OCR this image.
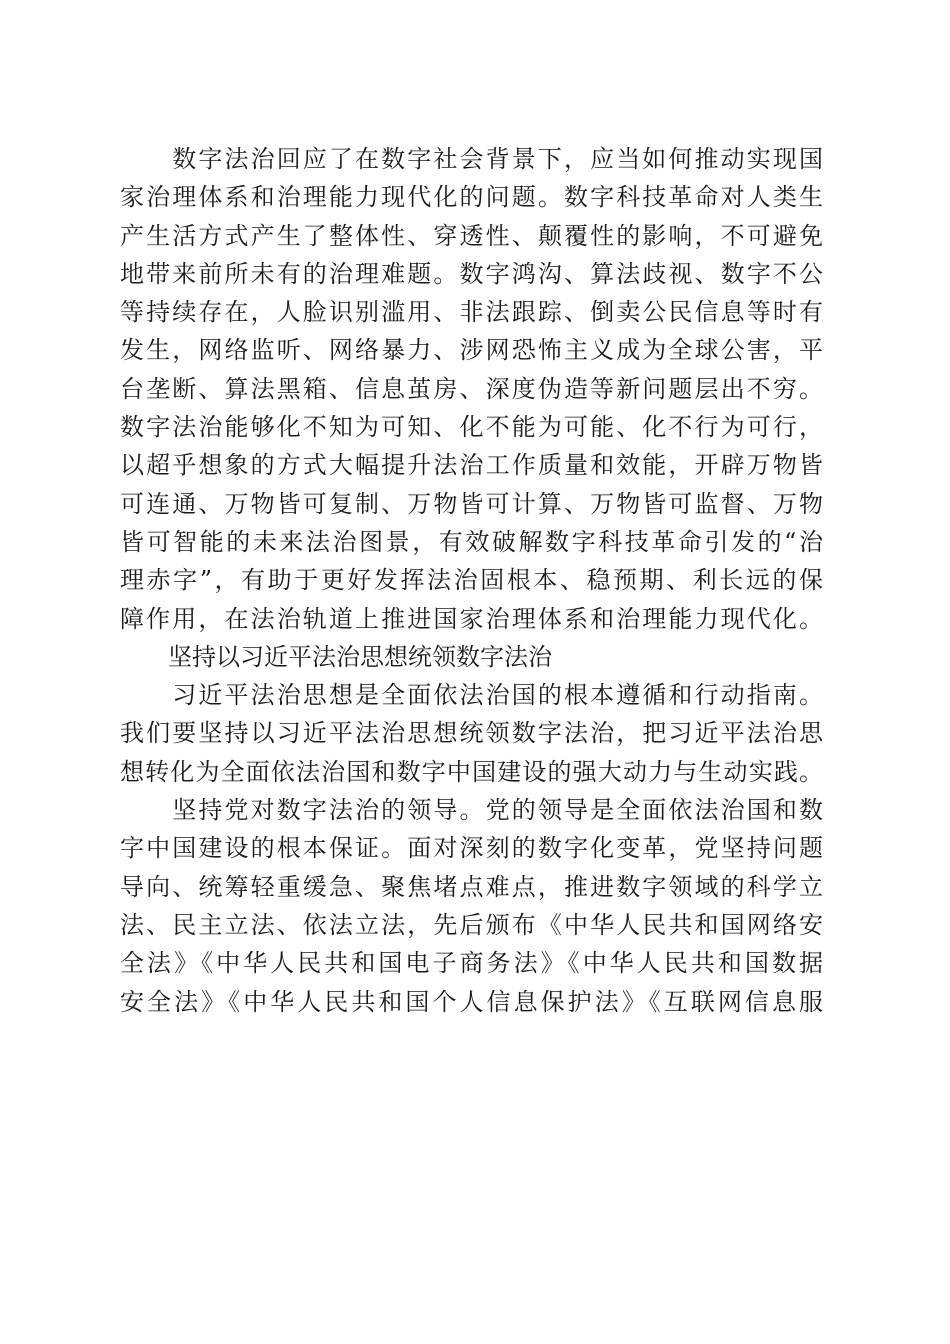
　　数字法治回应了在数字社会背景下，应当如何推动实现国
家治理体系和治理能力现代化的问题。数字科技革命对人类生
产生活方式产生了整体性、穿透性、颠覆性的影响，不可避免
地带来前所未有的治理难题。数字鸿沟、算法歧视、数字不公
等持续存在，人脸识别滥用、非法跟踪、倒卖公民信息等时有
发生，网络监听、网络暴力、涉网恐怖主义成为全球公害，平
台垄断、算法黑箱、信息茧房、深度伪造等新问题层出不穷。
数字法治能够化不知为可知、化不能为可能、化不行为可行，
以超乎想象的方式大幅提升法治工作质量和效能，开辟万物皆
可连通、万物皆可复制、万物皆可计算、万物皆可监督、万物
皆可智能的未来法治图景，有效破解数字科技革命引发的“治
理赤字”，有助于更好发挥法治固根本、稳预期、利长远的保
障作用，在法治轨道上推进国家治理体系和治理能力现代化。
　　坚持以习近平法治思想统领数字法治
　　习近平法治思想是全面依法治国的根本遵循和行动指南。
我们要坚持以习近平法治思想统领数字法治，把习近平法治思
想转化为全面依法治国和数字中国建设的强大动力与生动实践。
　　坚持党对数字法治的领导。党的领导是全面依法治国和数
字中国建设的根本保证。面对深刻的数字化变革，党坚持问题
导向、统筹轻重缓急、聚焦堵点难点，推进数字领域的科学立
法、民主立法、依法立法，先后颁布《中华人民共和国网络安
全法》《中华人民共和国电子商务法》《中华人民共和国数据
安全法》《中华人民共和国个人信息保护法》《互联网信息服
